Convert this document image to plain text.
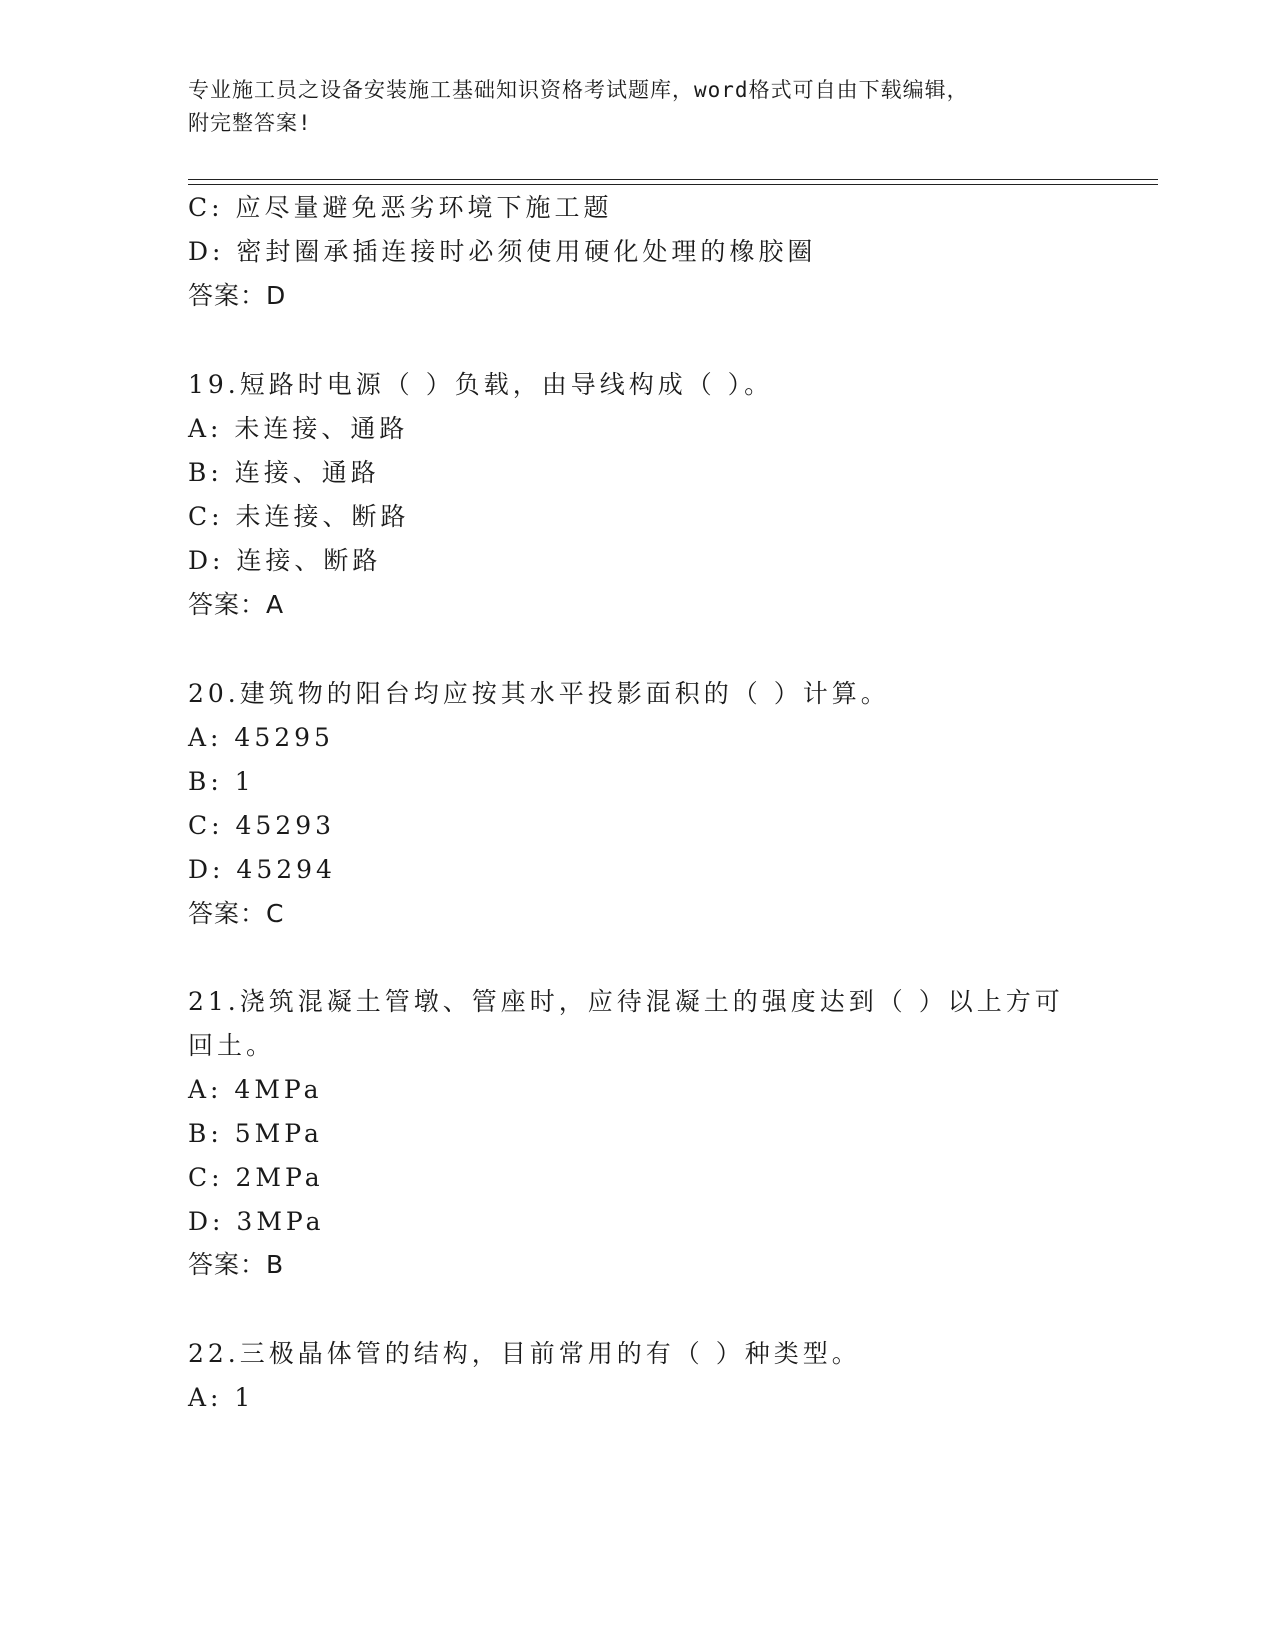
专业施工员之设备安装施工基础知识资格考试题库，word格式可自由下载编辑，
附完整答案!
C: 应尽量避免恶劣环境下施工题
D: 密封圈承插连接时必须使用硬化处理的橡胶圈
答案：D
19.短路时电源（ ）负载，由导线构成（ ）。
A: 未连接、通路
B: 连接、通路
C: 未连接、断路
D: 连接、断路
答案：A
20.建筑物的阳台均应按其水平投影面积的（ ）计算。
A: 45295
B: 1
C: 45293
D: 45294
答案：C
21.浇筑混凝土管墩、管座时，应待混凝土的强度达到（ ）以上方可
回土。
A: 4MPa
B: 5MPa
C: 2MPa
D: 3MPa
答案：B
22.三极晶体管的结构，目前常用的有（ ）种类型。
A: 1
